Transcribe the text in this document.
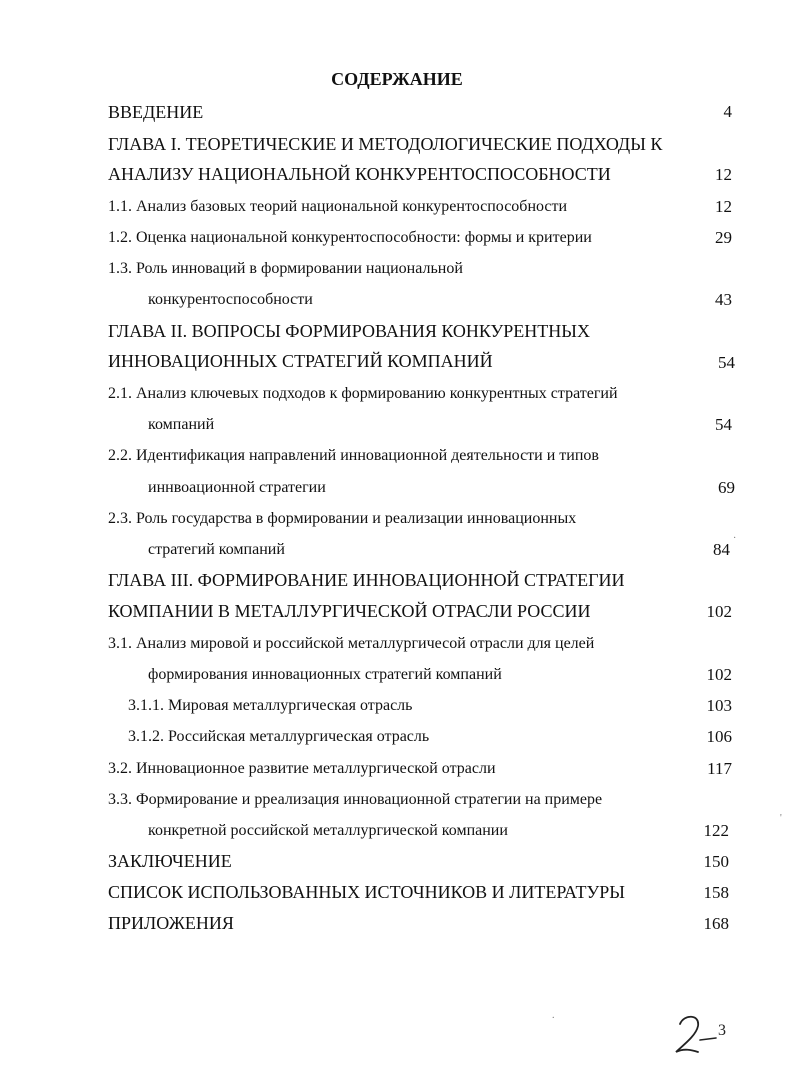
СОДЕРЖАНИЕ
ВВЕДЕНИЕ	4
ГЛАВА I. ТЕОРЕТИЧЕСКИЕ И МЕТОДОЛОГИЧЕСКИЕ ПОДХОДЫ К
АНАЛИЗУ НАЦИОНАЛЬНОЙ КОНКУРЕНТОСПОСОБНОСТИ	12
1.1. Анализ базовых теорий национальной конкурентоспособности	12
1.2. Оценка национальной конкурентоспособности: формы и критерии	29
1.3. Роль инноваций в формировании национальной
конкурентоспособности	43
ГЛАВА II. ВОПРОСЫ ФОРМИРОВАНИЯ КОНКУРЕНТНЫХ
ИННОВАЦИОННЫХ СТРАТЕГИЙ КОМПАНИЙ	54
2.1. Анализ ключевых подходов к формированию конкурентных стратегий
компаний	54
2.2. Идентификация направлений инновационной деятельности и типов
иннвоационной стратегии	69
2.3. Роль государства в формировании и реализации инновационных
стратегий компаний	84
·
ГЛАВА III. ФОРМИРОВАНИЕ ИННОВАЦИОННОЙ СТРАТЕГИИ
КОМПАНИИ В МЕТАЛЛУРГИЧЕСКОЙ ОТРАСЛИ РОССИИ	102
3.1. Анализ мировой и российской металлургичесой отрасли для целей
формирования инновационных стратегий компаний	102
3.1.1. Мировая металлургическая отрасль	103
3.1.2. Российская металлургическая отрасль	106
3.2. Инновационное развитие металлургической отрасли	117
3.3. Формирование и рреализация инновационной стратегии на примере
конкретной российской металлургической компании	122
'
ЗАКЛЮЧЕНИЕ	150
СПИСОК ИСПОЛЬЗОВАННЫХ ИСТОЧНИКОВ И ЛИТЕРАТУРЫ	158
ПРИЛОЖЕНИЯ	168
.
3
